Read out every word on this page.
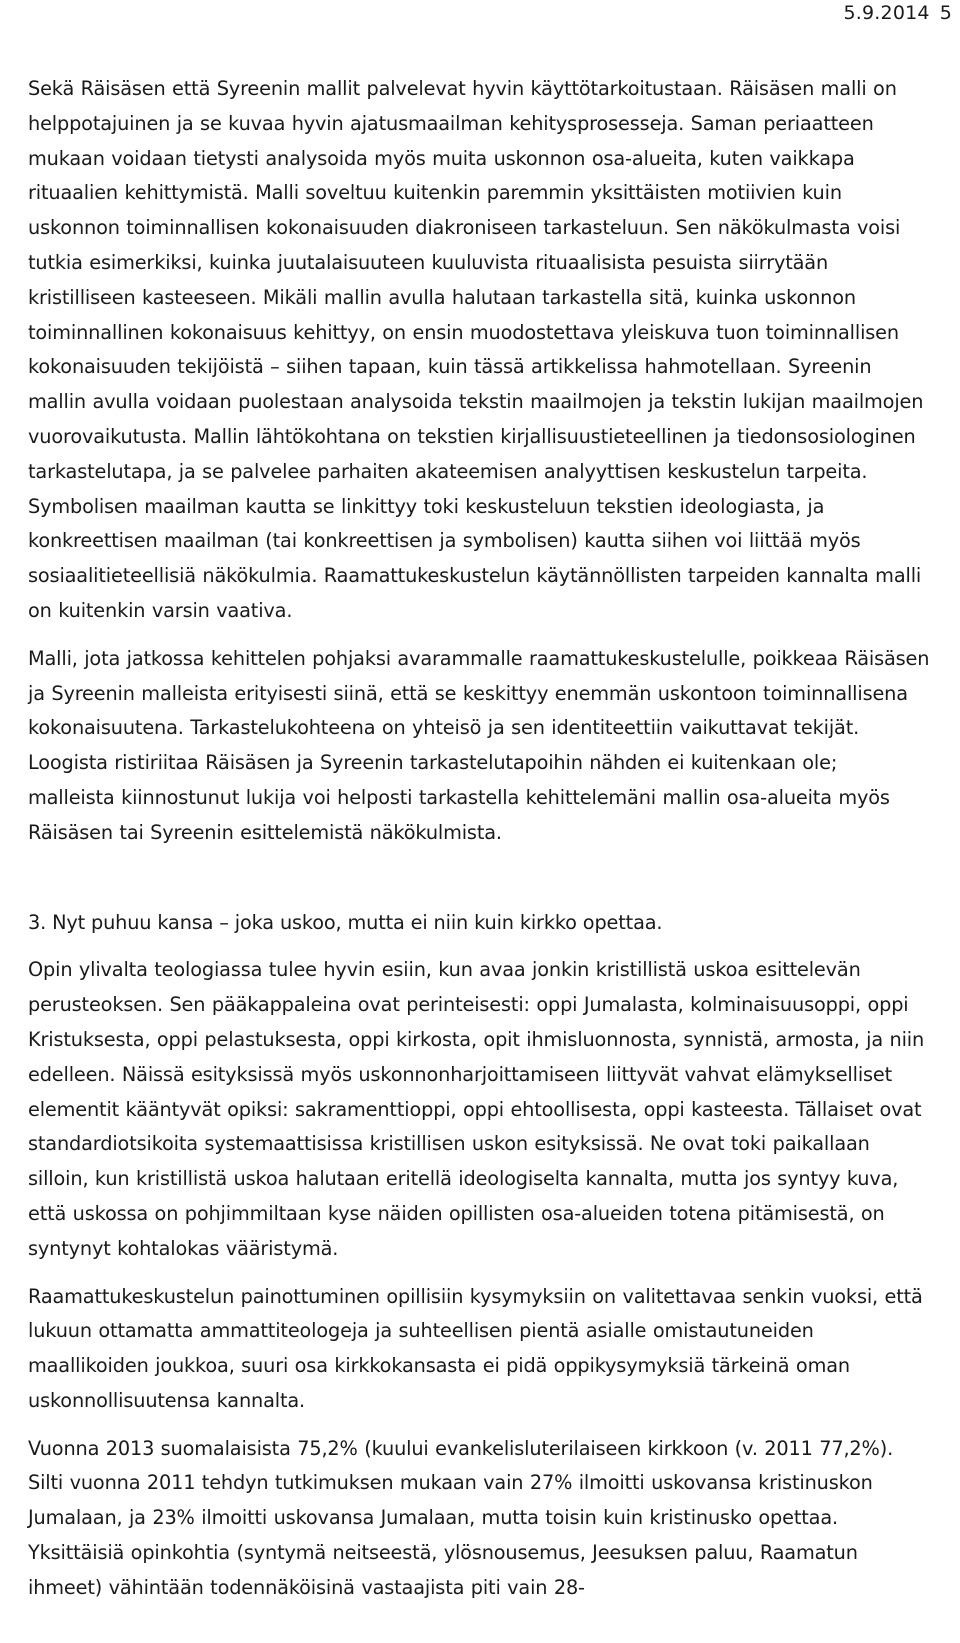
5.9.2014 5

Sekä Räisäsen että Syreenin mallit palvelevat hyvin käyttötarkoitustaan. Räisäsen malli on helppotajuinen ja se kuvaa hyvin ajatusmaailman kehitysprosesseja. Saman periaatteen mukaan voidaan tietysti analysoida myös muita uskonnon osa-alueita, kuten vaikkapa rituaalien kehittymistä. Malli soveltuu kuitenkin paremmin yksittäisten motiivien kuin uskonnon toiminnallisen kokonaisuuden diakroniseen tarkasteluun. Sen näkökulmasta voisi tutkia esimerkiksi, kuinka juutalaisuuteen kuuluvista rituaalisista pesuista siirrytään kristilliseen kasteeseen. Mikäli mallin avulla halutaan tarkastella sitä, kuinka uskonnon toiminnallinen kokonaisuus kehittyy, on ensin muodostettava yleiskuva tuon toiminnallisen kokonaisuuden tekijöistä – siihen tapaan, kuin tässä artikkelissa hahmotellaan. Syreenin mallin avulla voidaan puolestaan analysoida tekstin maailmojen ja tekstin lukijan maailmojen vuorovaikutusta. Mallin lähtökohtana on tekstien kirjallisuustieteellinen ja tiedonsosiologinen tarkastelutapa, ja se palvelee parhaiten akateemisen analyyttisen keskustelun tarpeita. Symbolisen maailman kautta se linkittyy toki keskusteluun tekstien ideologiasta, ja konkreettisen maailman (tai konkreettisen ja symbolisen) kautta siihen voi liittää myös sosiaalitieteellisiä näkökulmia. Raamattukeskustelun käytännöllisten tarpeiden kannalta malli on kuitenkin varsin vaativa.

Malli, jota jatkossa kehittelen pohjaksi avarammalle raamattukeskustelulle, poikkeaa Räisäsen ja Syreenin malleista erityisesti siinä, että se keskittyy enemmän uskontoon toiminnallisena kokonaisuutena. Tarkastelukohteena on yhteisö ja sen identiteettiin vaikuttavat tekijät. Loogista ristiriitaa Räisäsen ja Syreenin tarkastelutapoihin nähden ei kuitenkaan ole; malleista kiinnostunut lukija voi helposti tarkastella kehittelemäni mallin osa-alueita myös Räisäsen tai Syreenin esittelemistä näkökulmista.

3. Nyt puhuu kansa – joka uskoo, mutta ei niin kuin kirkko opettaa.

Opin ylivalta teologiassa tulee hyvin esiin, kun avaa jonkin kristillistä uskoa esittelevän perusteoksen. Sen pääkappaleina ovat perinteisesti: oppi Jumalasta, kolminaisuusoppi, oppi Kristuksesta, oppi pelastuksesta, oppi kirkosta, opit ihmisluonnosta, synnistä, armosta, ja niin edelleen. Näissä esityksissä myös uskonnonharjoittamiseen liittyvät vahvat elämykselliset elementit kääntyvät opiksi: sakramenttioppi, oppi ehtoollisesta, oppi kasteesta. Tällaiset ovat standardiotsikoita systemaattisissa kristillisen uskon esityksissä. Ne ovat toki paikallaan silloin, kun kristillistä uskoa halutaan eritellä ideologiselta kannalta, mutta jos syntyy kuva, että uskossa on pohjimmiltaan kyse näiden opillisten osa-alueiden totena pitämisestä, on syntynyt kohtalokas vääristymä.

Raamattukeskustelun painottuminen opillisiin kysymyksiin on valitettavaa senkin vuoksi, että lukuun ottamatta ammattiteologeja ja suhteellisen pientä asialle omistautuneiden maallikoiden joukkoa, suuri osa kirkkokansasta ei pidä oppikysymyksiä tärkeinä oman uskonnollisuutensa kannalta.

Vuonna 2013 suomalaisista 75,2% (kuului evankelisluterilaiseen kirkkoon (v. 2011 77,2%). Silti vuonna 2011 tehdyn tutkimuksen mukaan vain 27% ilmoitti uskovansa kristinuskon Jumalaan, ja 23% ilmoitti uskovansa Jumalaan, mutta toisin kuin kristinusko opettaa. Yksittäisiä opinkohtia (syntymä neitseestä, ylösnousemus, Jeesuksen paluu, Raamatun ihmeet) vähintään todennäköisinä vastaajista piti vain 28-
